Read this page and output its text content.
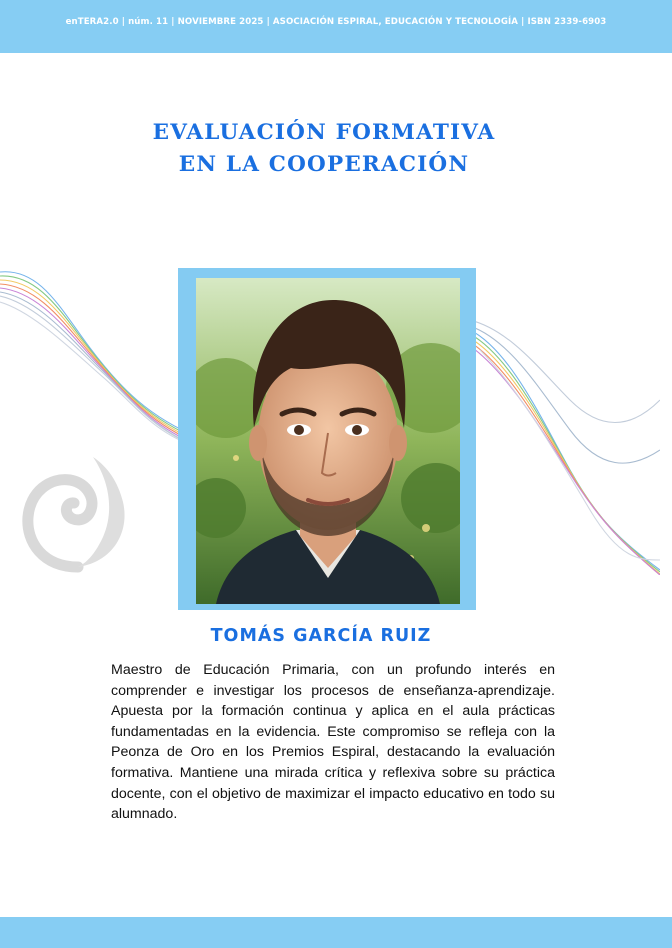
enTERA2.0 | núm. 11 | NOVIEMBRE 2025 | ASOCIACIÓN ESPIRAL, EDUCACIÓN Y TECNOLOGÍA | ISBN 2339-6903
EVALUACIÓN FORMATIVA
EN LA COOPERACIÓN
TOMÁS GARCÍA RUIZ
Maestro de Educación Primaria, con un profundo interés en comprender e investigar los procesos de enseñanza-aprendizaje. Apuesta por la formación continua y aplica en el aula prácticas fundamentadas en la evidencia. Este compromiso se refleja con la Peonza de Oro en los Premios Espiral, destacando la evaluación formativa. Mantiene una mirada crítica y reflexiva sobre su práctica docente, con el objetivo de maximizar el impacto educativo en todo su alumnado.
